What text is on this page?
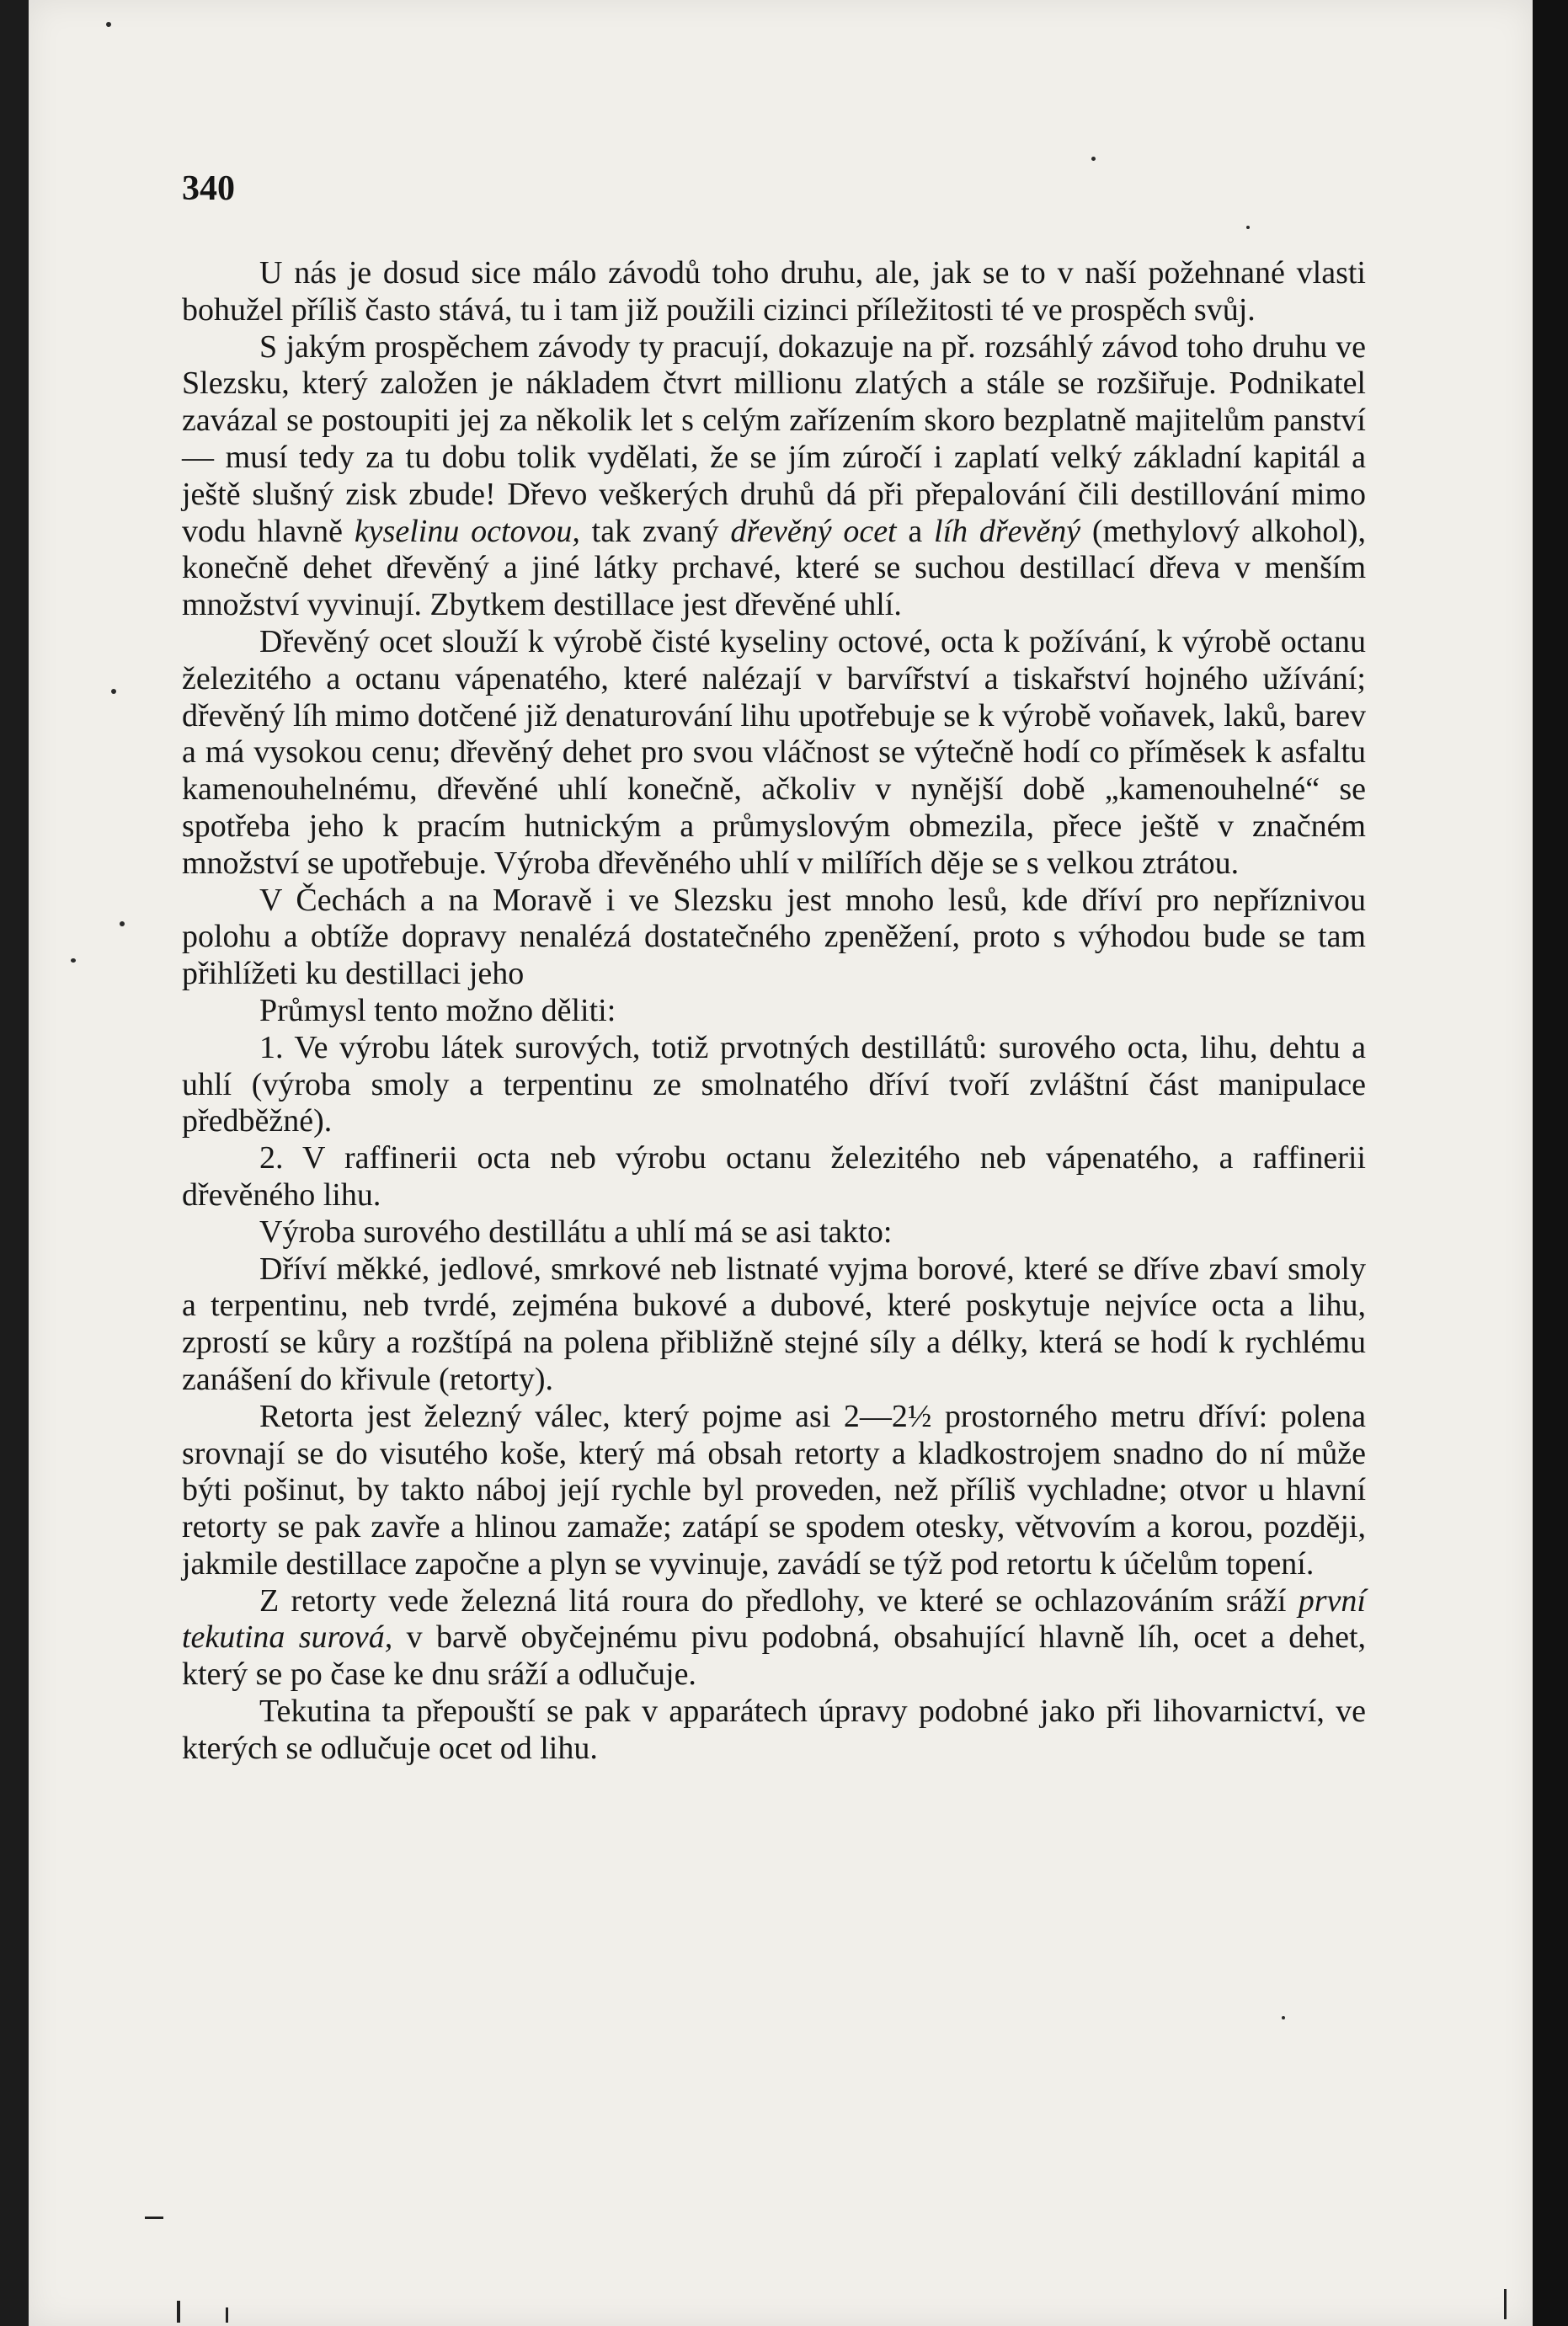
340

U nás je dosud sice málo závodů toho druhu, ale, jak se to v naší požehnané vlasti bohužel příliš často stává, tu i tam již použili cizinci příležitosti té ve prospěch svůj.

S jakým prospěchem závody ty pracují, dokazuje na př. rozsáhlý závod toho druhu ve Slezsku, který založen je nákladem čtvrt millionu zlatých a stále se rozšiřuje. Podnikatel zavázal se postoupiti jej za několik let s celým zařízením skoro bezplatně majitelům panství — musí tedy za tu dobu tolik vydělati, že se jím zúročí i zaplatí velký základní kapitál a ještě slušný zisk zbude! Dřevo veškerých druhů dá při přepalování čili destillování mimo vodu hlavně kyselinu octovou, tak zvaný dřevěný ocet a líh dřevěný (methylový alkohol), konečně dehet dřevěný a jiné látky prchavé, které se suchou destillací dřeva v menším množství vyvinují. Zbytkem destillace jest dřevěné uhlí.

Dřevěný ocet slouží k výrobě čisté kyseliny octové, octa k požívání, k výrobě octanu železitého a octanu vápenatého, které nalézají v barvířství a tiskařství hojného užívání; dřevěný líh mimo dotčené již denaturování lihu upotřebuje se k výrobě voňavek, laků, barev a má vysokou cenu; dřevěný dehet pro svou vláčnost se výtečně hodí co příměsek k asfaltu kamenouhelnému, dřevěné uhlí konečně, ačkoliv v nynější době „kamenouhelné“ se spotřeba jeho k pracím hutnickým a průmyslovým obmezila, přece ještě v značném množství se upotřebuje. Výroba dřevěného uhlí v milířích děje se s velkou ztrátou.

V Čechách a na Moravě i ve Slezsku jest mnoho lesů, kde dříví pro nepříznivou polohu a obtíže dopravy nenalézá dostatečného zpeněžení, proto s výhodou bude se tam přihlížeti ku destillaci jeho

Průmysl tento možno děliti:

1. Ve výrobu látek surových, totiž prvotných destillátů: surového octa, lihu, dehtu a uhlí (výroba smoly a terpentinu ze smolnatého dříví tvoří zvláštní část manipulace předběžné).

2. V raffinerii octa neb výrobu octanu železitého neb vápenatého, a raffinerii dřevěného lihu.

Výroba surového destillátu a uhlí má se asi takto:

Dříví měkké, jedlové, smrkové neb listnaté vyjma borové, které se dříve zbaví smoly a terpentinu, neb tvrdé, zejména bukové a dubové, které poskytuje nejvíce octa a lihu, zprostí se kůry a rozštípá na polena přibližně stejné síly a délky, která se hodí k rychlému zanášení do křivule (retorty).

Retorta jest železný válec, který pojme asi 2—2½ prostorného metru dříví: polena srovnají se do visutého koše, který má obsah retorty a kladkostrojem snadno do ní může býti pošinut, by takto náboj její rychle byl proveden, než příliš vychladne; otvor u hlavní retorty se pak zavře a hlinou zamaže; zatápí se spodem otesky, větvovím a korou, později, jakmile destillace započne a plyn se vyvinuje, zavádí se týž pod retortu k účelům topení.

Z retorty vede železná litá roura do předlohy, ve které se ochlazováním sráží první tekutina surová, v barvě obyčejnému pivu podobná, obsahující hlavně líh, ocet a dehet, který se po čase ke dnu sráží a odlučuje.

Tekutina ta přepouští se pak v apparátech úpravy podobné jako při lihovarnictví, ve kterých se odlučuje ocet od lihu.
